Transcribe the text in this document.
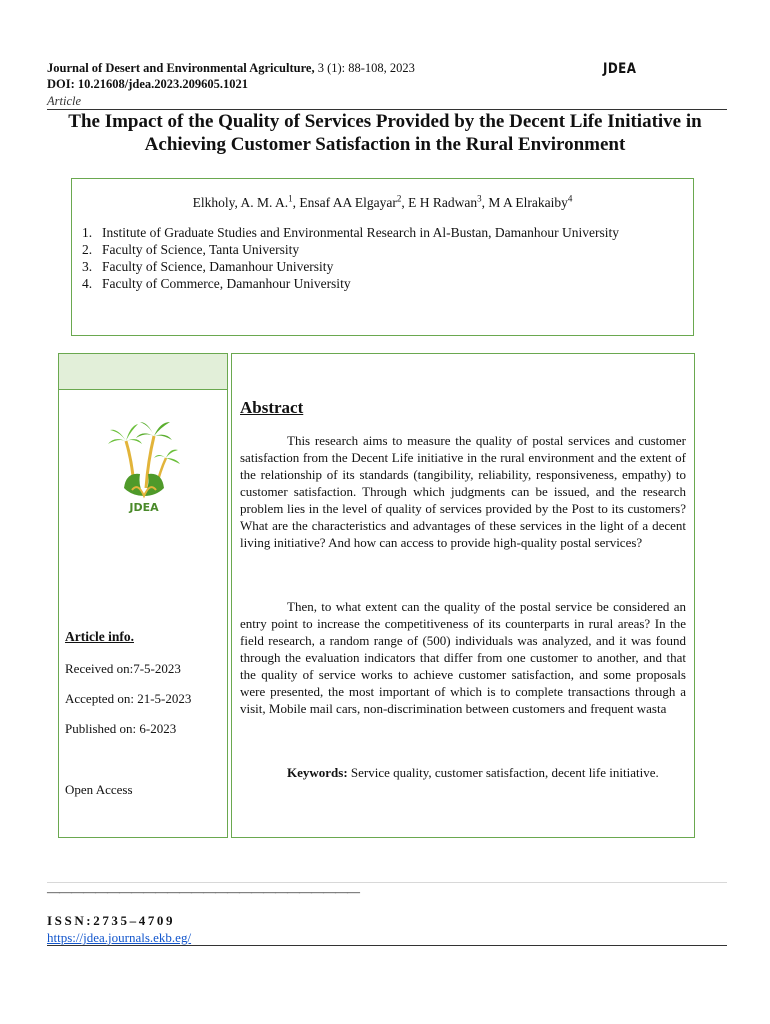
Journal of Desert and Environmental Agriculture, 3 (1): 88-108, 2023
DOI: 10.21608/jdea.2023.209605.1021
Article
JDEA
The Impact of the Quality of Services Provided by the Decent Life Initiative in Achieving Customer Satisfaction in the Rural Environment
Elkholy, A. M. A.$^1$, Ensaf AA Elgayar$^2$, E H Radwan$^3$, M A Elrakaiby$^4$
1. Institute of Graduate Studies and Environmental Research in Al-Bustan, Damanhour University
2. Faculty of Science, Tanta University
3. Faculty of Science, Damanhour University
4. Faculty of Commerce, Damanhour University
JDEA
Article info.
Received on:7-5-2023
Accepted on: 21-5-2023
Published on: 6-2023
Open Access
Abstract

This research aims to measure the quality of postal services and customer satisfaction from the Decent Life initiative in the rural environment and the extent of the relationship of its standards (tangibility, reliability, responsiveness, empathy) to customer satisfaction. Through which judgments can be issued, and the research problem lies in the level of quality of services provided by the Post to its customers? What are the characteristics and advantages of these services in the light of a decent living initiative? And how can access to provide high-quality postal services?

Then, to what extent can the quality of the postal service be considered an entry point to increase the competitiveness of its counterparts in rural areas? In the field research, a random range of (500) individuals was analyzed, and it was found through the evaluation indicators that differ from one customer to another, and that the quality of service works to achieve customer satisfaction, and some proposals were presented, the most important of which is to complete transactions through a visit, Mobile mail cars, non-discrimination between customers and frequent wasta

Keywords: Service quality, customer satisfaction, decent life initiative.

——————————————————————————
ISSN:2735–4709
https://jdea.journals.ekb.eg/
